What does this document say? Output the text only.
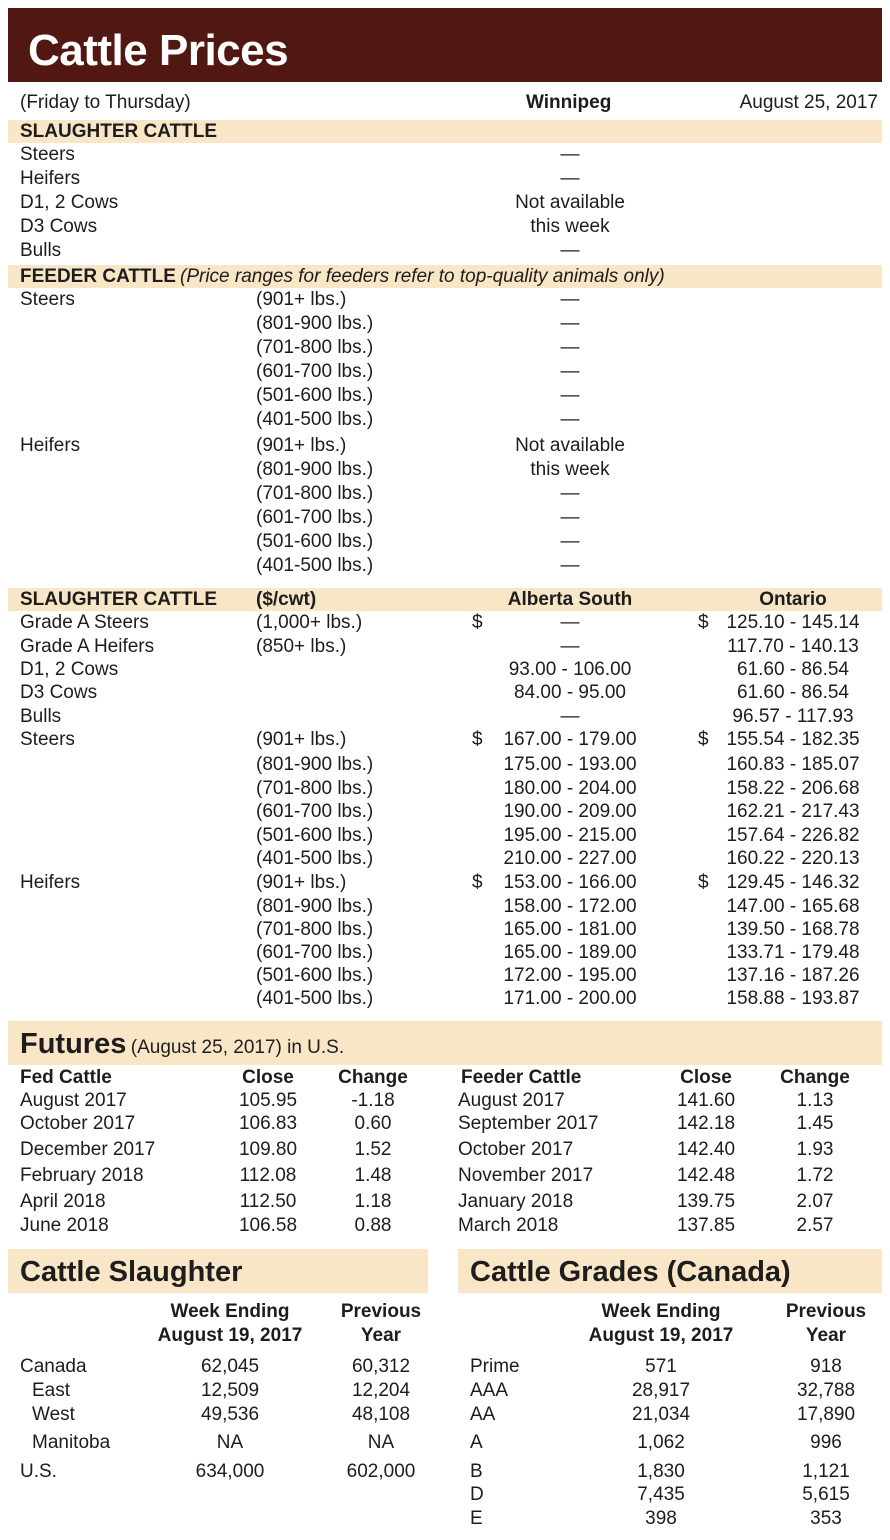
Cattle Prices
(Friday to Thursday)	Winnipeg	August 25, 2017
SLAUGHTER CATTLE
Steers	—
Heifers	—
D1, 2 Cows	Not available
D3 Cows	this week
Bulls	—
FEEDER CATTLE (Price ranges for feeders refer to top-quality animals only)
Steers	(901+ lbs.)	—
(801-900 lbs.)	—
(701-800 lbs.)	—
(601-700 lbs.)	—
(501-600 lbs.)	—
(401-500 lbs.)	—
Heifers	(901+ lbs.)	Not available
(801-900 lbs.)	this week
(701-800 lbs.)	—
(601-700 lbs.)	—
(501-600 lbs.)	—
(401-500 lbs.)	—
SLAUGHTER CATTLE ($/cwt)	Alberta South	Ontario
Grade A Steers	(1,000+ lbs.)	$	—	$ 125.10 - 145.14
Grade A Heifers	(850+ lbs.)	—	117.70 - 140.13
D1, 2 Cows	93.00 - 106.00	61.60 - 86.54
D3 Cows	84.00 - 95.00	61.60 - 86.54
Bulls	—	96.57 - 117.93
Steers	(901+ lbs.)	$	167.00 - 179.00	$ 155.54 - 182.35
(801-900 lbs.)	175.00 - 193.00	160.83 - 185.07
(701-800 lbs.)	180.00 - 204.00	158.22 - 206.68
(601-700 lbs.)	190.00 - 209.00	162.21 - 217.43
(501-600 lbs.)	195.00 - 215.00	157.64 - 226.82
(401-500 lbs.)	210.00 - 227.00	160.22 - 220.13
Heifers	(901+ lbs.)	$	153.00 - 166.00	$ 129.45 - 146.32
(801-900 lbs.)	158.00 - 172.00	147.00 - 165.68
(701-800 lbs.)	165.00 - 181.00	139.50 - 168.78
(601-700 lbs.)	165.00 - 189.00	133.71 - 179.48
(501-600 lbs.)	172.00 - 195.00	137.16 - 187.26
(401-500 lbs.)	171.00 - 200.00	158.88 - 193.87
Futures (August 25, 2017) in U.S.
Fed Cattle	Close	Change	Feeder Cattle	Close	Change
August 2017	105.95	-1.18
October 2017	106.83	0.60
December 2017	109.80	1.52
February 2018	112.08	1.48
April 2018	112.50	1.18
June 2018	106.58	0.88
August 2017	141.60	1.13
September 2017	142.18	1.45
October 2017	142.40	1.93
November 2017	142.48	1.72
January 2018	139.75	2.07
March 2018	137.85	2.57
Cattle Slaughter
Week Ending
August 19, 2017
Previous
Year
Canada	62,045	60,312
East	12,509	12,204
West	49,536	48,108
Manitoba	NA	NA
U.S.	634,000	602,000
Cattle Grades (Canada)
Week Ending
August 19, 2017
Previous
Year
Prime	571	918
AAA	28,917	32,788
AA	21,034	17,890
A	1,062	996
B	1,830	1,121
D	7,435	5,615
E	398	353
